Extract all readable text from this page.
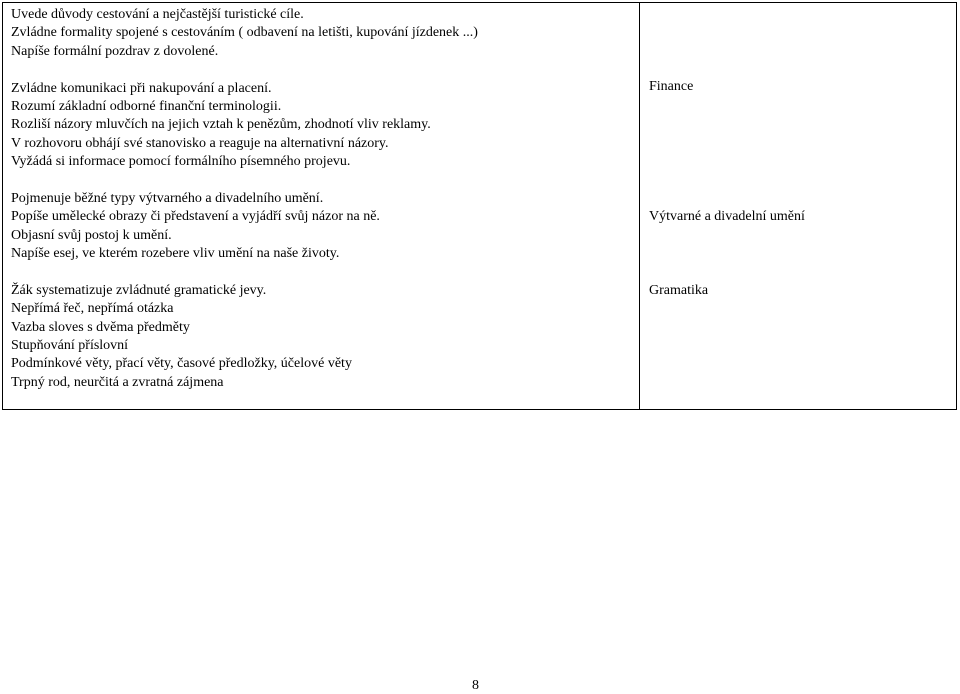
Uvede důvody cestování a nejčastější turistické cíle.
Zvládne formality spojené s cestováním ( odbavení na letišti, kupování jízdenek ...)
Napíše formální pozdrav z dovolené.
Zvládne komunikaci při nakupování a placení.
Rozumí základní odborné finanční terminologii.
Rozliší názory mluvčích na jejich vztah k penězům, zhodnotí vliv reklamy.
V rozhovoru obhájí své stanovisko a reaguje na alternativní názory.
Vyžádá si informace pomocí formálního písemného projevu.
Pojmenuje běžné typy výtvarného a divadelního umění.
Popíše umělecké obrazy či představení a vyjádří svůj názor na ně.
Objasní svůj postoj k umění.
Napíše esej, ve kterém rozebere vliv umění na naše životy.
Žák systematizuje zvládnuté gramatické jevy.
Nepřímá řeč, nepřímá otázka
Vazba sloves s dvěma předměty
Stupňování příslovní
Podmínkové věty, přací věty, časové předložky, účelové věty
Trpný rod, neurčitá a zvratná zájmena
Finance
Výtvarné a divadelní umění
Gramatika
8
